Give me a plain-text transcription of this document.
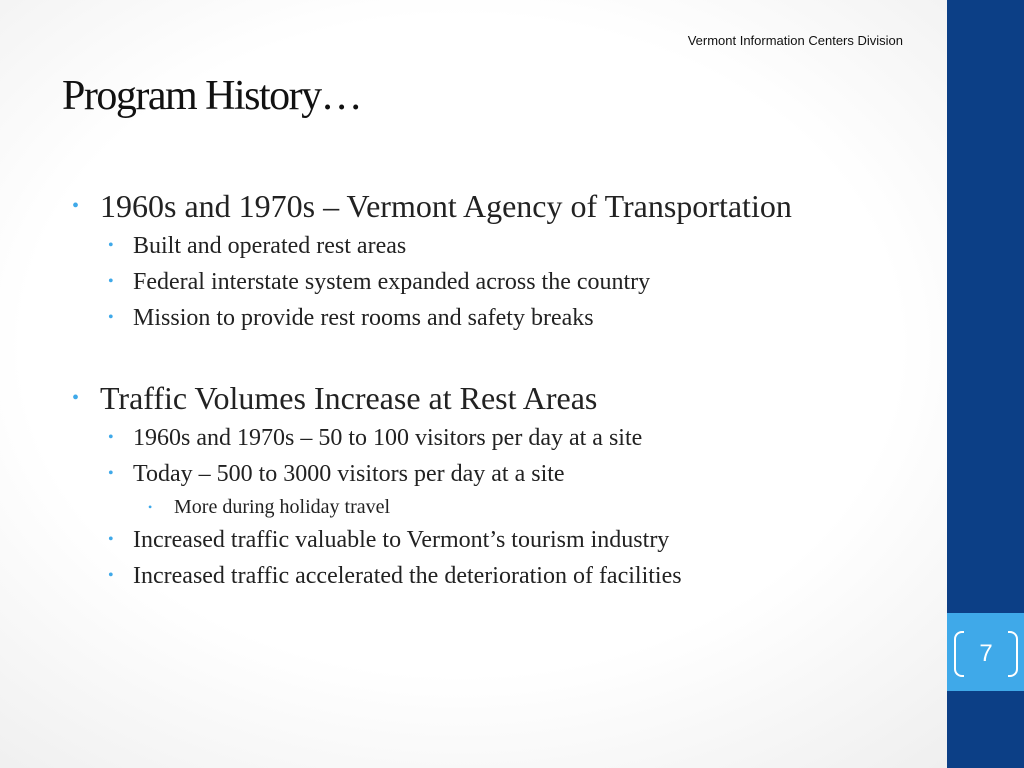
7
Vermont Information Centers Division
Program History…
• 1960s and 1970s – Vermont Agency of Transportation
• Built and operated rest areas
• Federal interstate system expanded across the country
• Mission to provide rest rooms and safety breaks
• Traffic Volumes Increase at Rest Areas
• 1960s and 1970s – 50 to 100 visitors per day at a site
• Today – 500 to 3000 visitors per day at a site
• More during holiday travel
• Increased traffic valuable to Vermont’s tourism industry
• Increased traffic accelerated the deterioration of facilities
